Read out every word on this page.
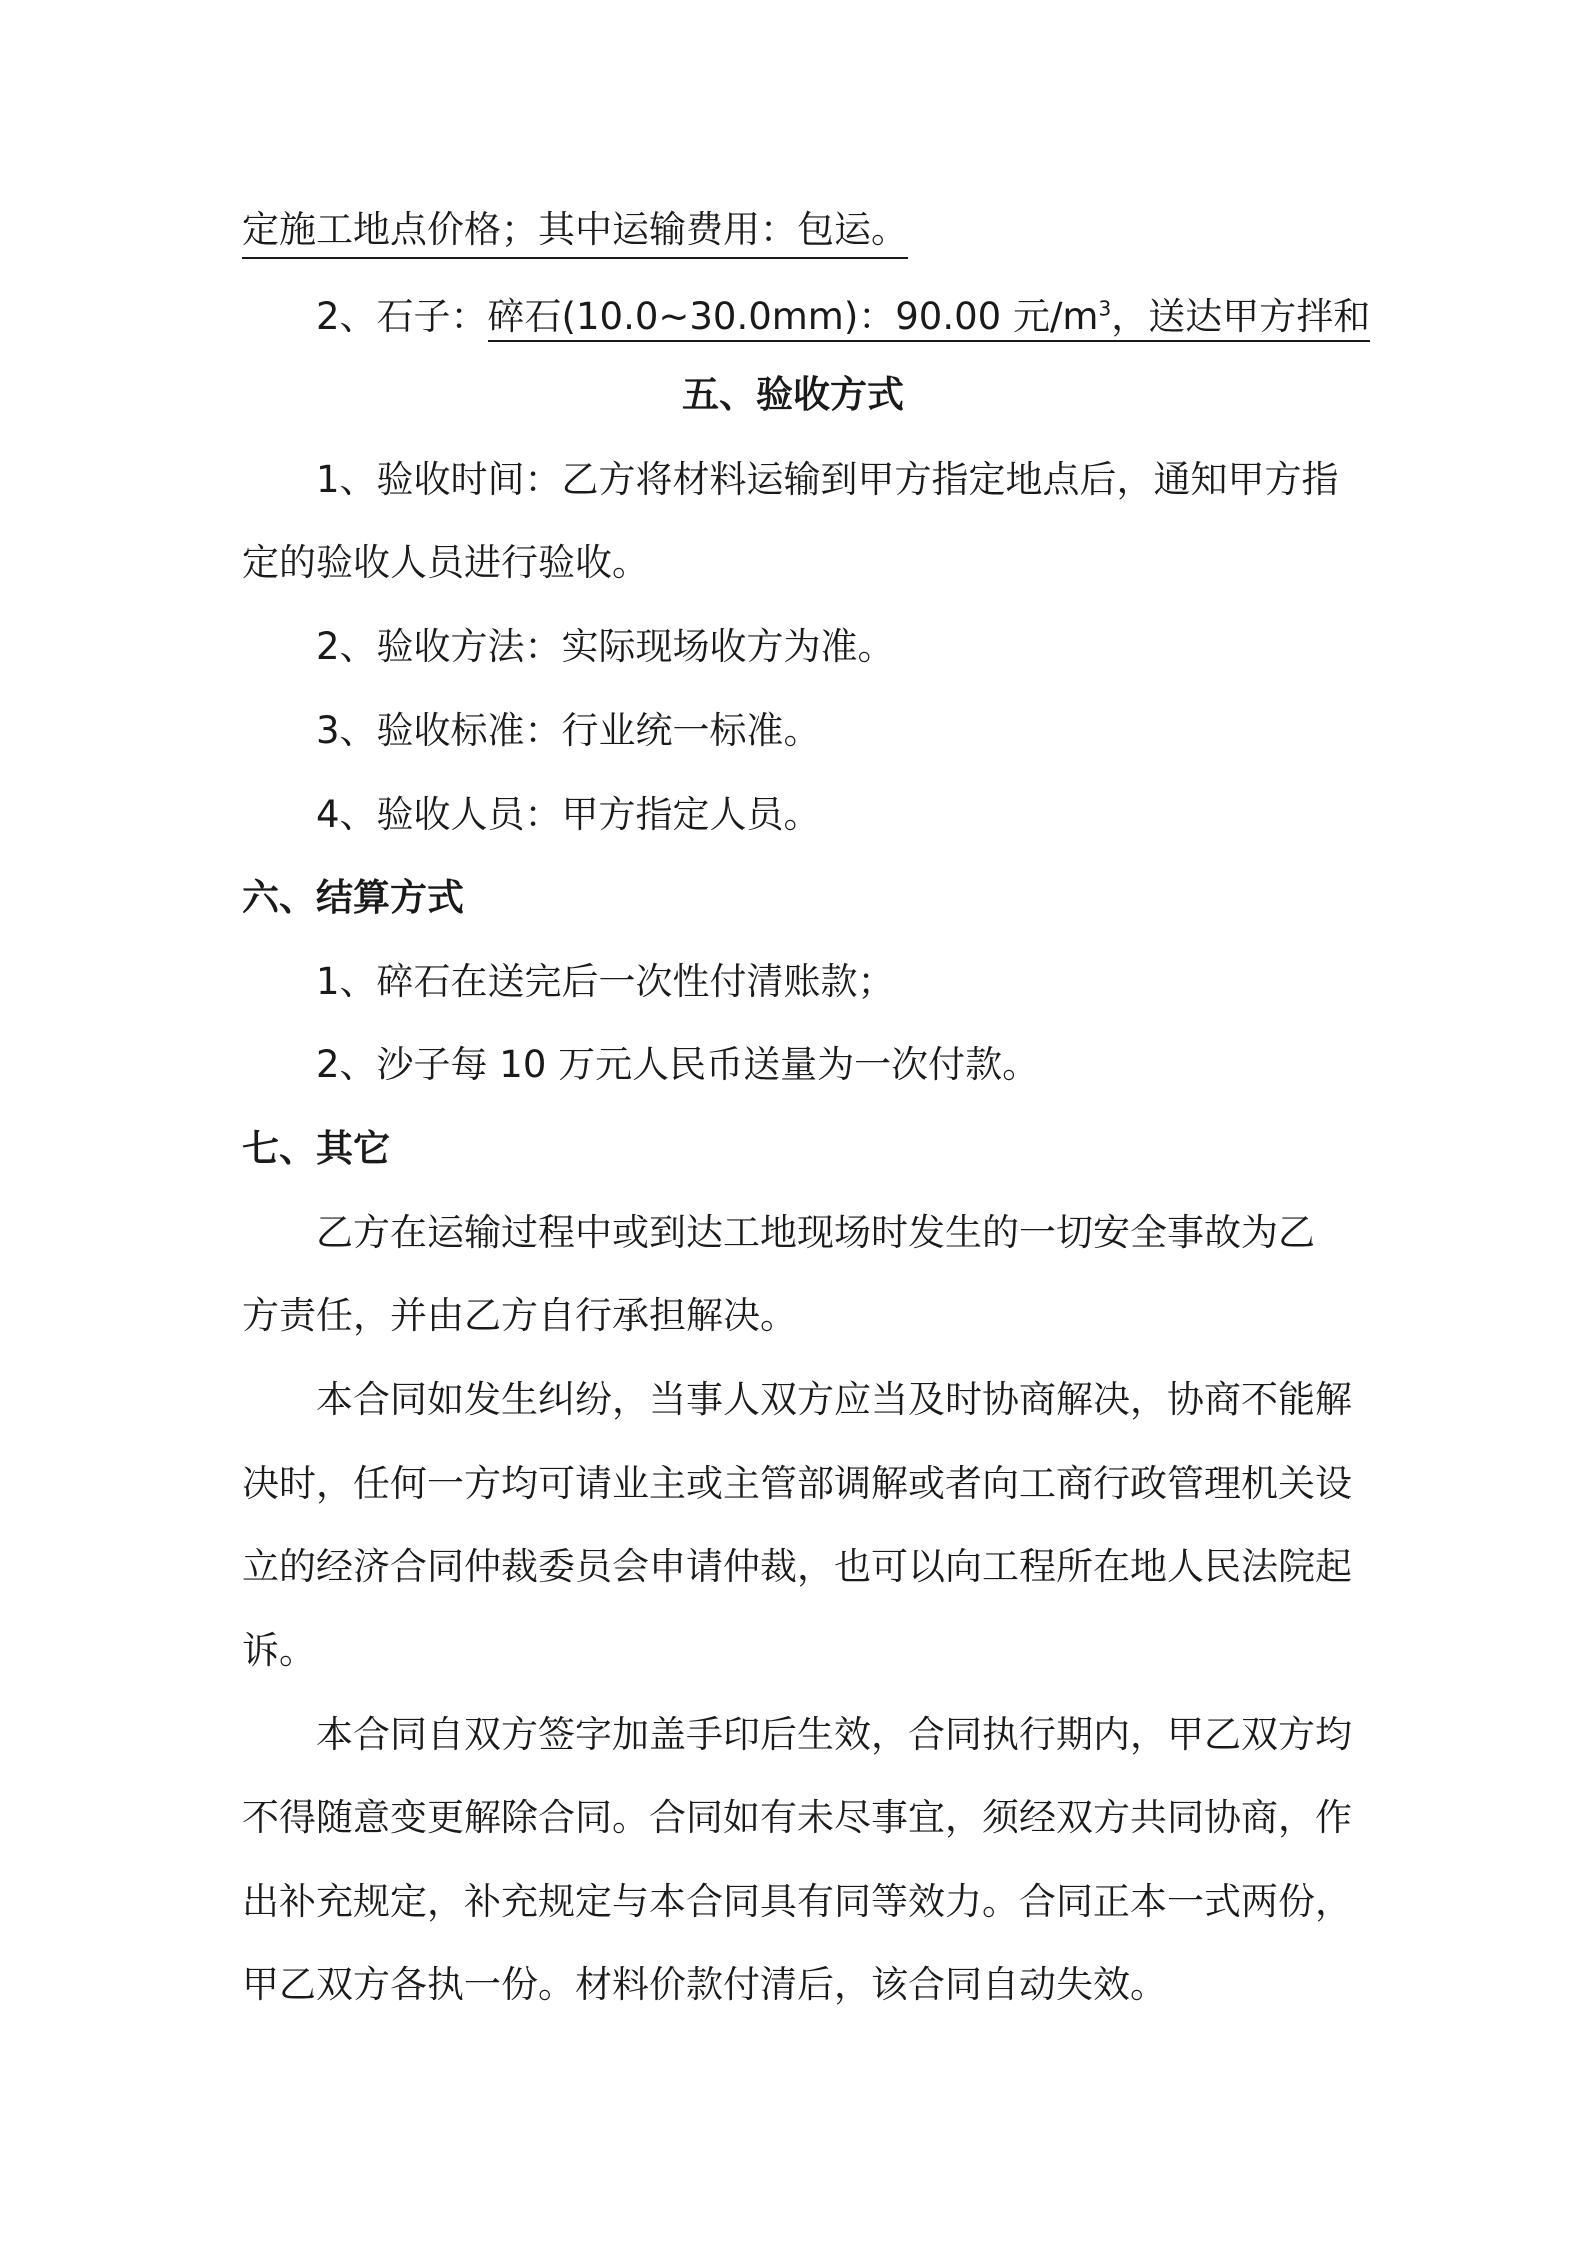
定施工地点价格；其中运输费用：包运。
2、石子：碎石(10.0~30.0mm)：90.00 元$/m^3$，送达甲方拌和
五、验收方式
1、验收时间：乙方将材料运输到甲方指定地点后，通知甲方指
定的验收人员进行验收。
2、验收方法：实际现场收方为准。
3、验收标准：行业统一标准。
4、验收人员：甲方指定人员。
六、结算方式
1、碎石在送完后一次性付清账款；
2、沙子每 10 万元人民币送量为一次付款。
七、其它
乙方在运输过程中或到达工地现场时发生的一切安全事故为乙
方责任，并由乙方自行承担解决。
本合同如发生纠纷，当事人双方应当及时协商解决，协商不能解
决时，任何一方均可请业主或主管部调解或者向工商行政管理机关设
立的经济合同仲裁委员会申请仲裁，也可以向工程所在地人民法院起
诉。
本合同自双方签字加盖手印后生效，合同执行期内，甲乙双方均
不得随意变更解除合同。合同如有未尽事宜，须经双方共同协商，作
出补充规定，补充规定与本合同具有同等效力。合同正本一式两份，
甲乙双方各执一份。材料价款付清后，该合同自动失效。
